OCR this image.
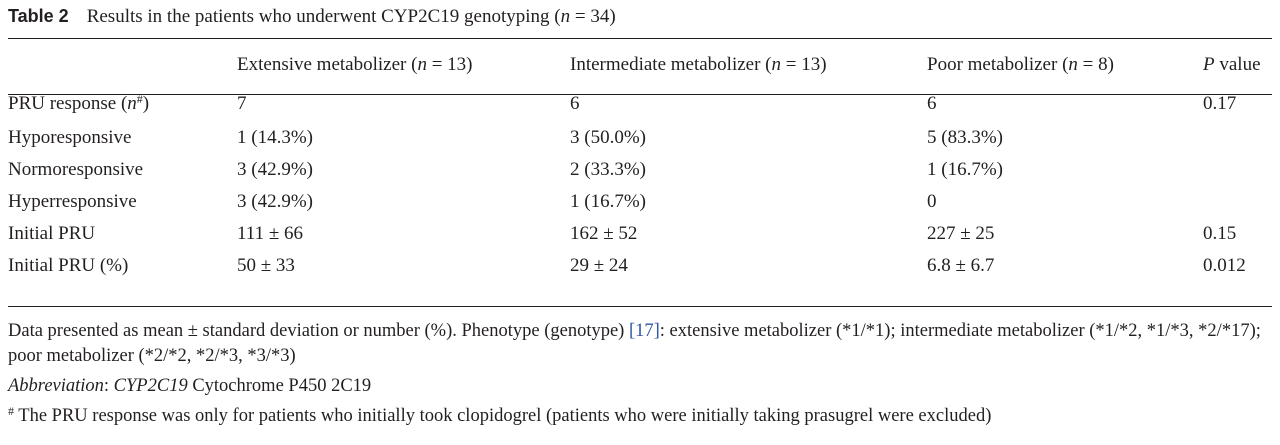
Table 2 Results in the patients who underwent CYP2C19 genotyping (n = 34)
	Extensive metabolizer (n = 13)	Intermediate metabolizer (n = 13)	Poor metabolizer (n = 8)	P value
PRU response (n#)	7	6	6	0.17
Hyporesponsive	1 (14.3%)	3 (50.0%)	5 (83.3%)	
Normoresponsive	3 (42.9%)	2 (33.3%)	1 (16.7%)	
Hyperresponsive	3 (42.9%)	1 (16.7%)	0	
Initial PRU	111 ± 66	162 ± 52	227 ± 25	0.15
Initial PRU (%)	50 ± 33	29 ± 24	6.8 ± 6.7	0.012

Data presented as mean ± standard deviation or number (%). Phenotype (genotype) [17]: extensive metabolizer (*1/*1); intermediate metabolizer (*1/*2, *1/*3, *2/*17); poor metabolizer (*2/*2, *2/*3, *3/*3)

Abbreviation: CYP2C19 Cytochrome P450 2C19

# The PRU response was only for patients who initially took clopidogrel (patients who were initially taking prasugrel were excluded)
